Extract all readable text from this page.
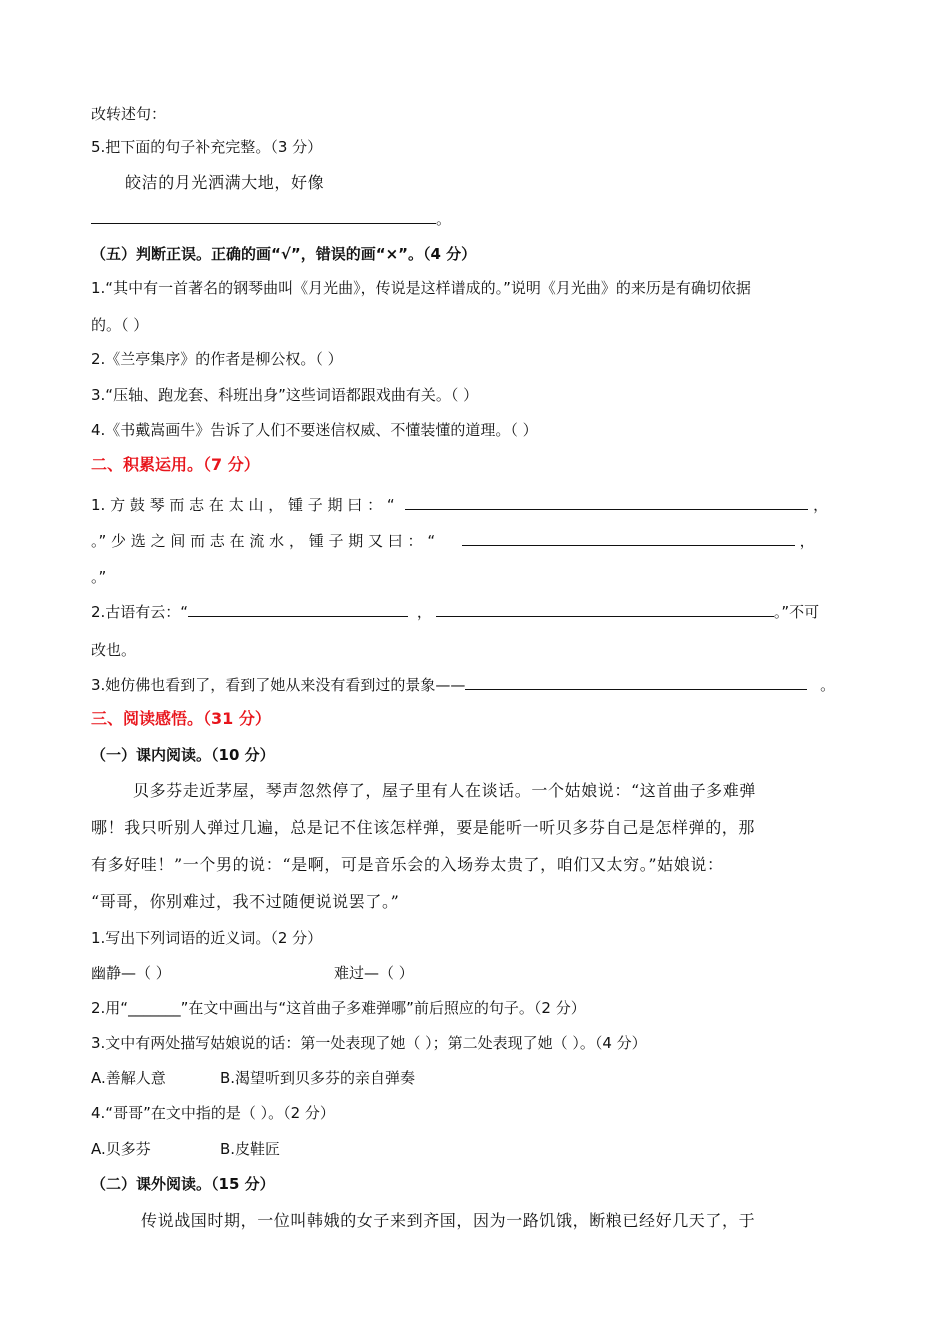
改转述句：
5.把下面的句子补充完整。（3 分）
皎洁的月光洒满大地，好像
。
（五）判断正误。正确的画“√”，错误的画“×”。（4 分）
1.“其中有一首著名的钢琴曲叫《月光曲》，传说是这样谱成的。”说明《月光曲》的来历是有确切依据
的。（ ）
2.《兰亭集序》的作者是柳公权。（ ）
3.“压轴、跑龙套、科班出身”这些词语都跟戏曲有关。（ ）
4.《书戴嵩画牛》告诉了人们不要迷信权威、不懂装懂的道理。（ ）
二、积累运用。（7 分）
1. 方 鼓 琴 而 志 在 太 山 ， 锺 子 期 曰 ： “	，
。” 少 选 之 间 而 志 在 流 水 ， 锺 子 期 又 曰 ： “	，
。”
2.古语有云：“	，	。”不可
改也。
3.她仿佛也看到了，看到了她从来没有看到过的景象——	。
三、阅读感悟。（31 分）
（一）课内阅读。（10 分）
贝多芬走近茅屋，琴声忽然停了，屋子里有人在谈话。一个姑娘说：“这首曲子多难弹
哪！我只听别人弹过几遍，总是记不住该怎样弹，要是能听一听贝多芬自己是怎样弹的，那
有多好哇！”一个男的说：“是啊，可是音乐会的入场券太贵了，咱们又太穷。”姑娘说：
“哥哥，你别难过，我不过随便说说罢了。”
1.写出下列词语的近义词。（2 分）
幽静—（ ）	难过—（ ）
2.用“_______”在文中画出与“这首曲子多难弹哪”前后照应的句子。（2 分）
3.文中有两处描写姑娘说的话：第一处表现了她（ ）；第二处表现了她（ ）。（4 分）
A.善解人意	B.渴望听到贝多芬的亲自弹奏
4.“哥哥”在文中指的是（ ）。（2 分）
A.贝多芬	B.皮鞋匠
（二）课外阅读。（15 分）
传说战国时期，一位叫韩娥的女子来到齐国，因为一路饥饿，断粮已经好几天了，于
